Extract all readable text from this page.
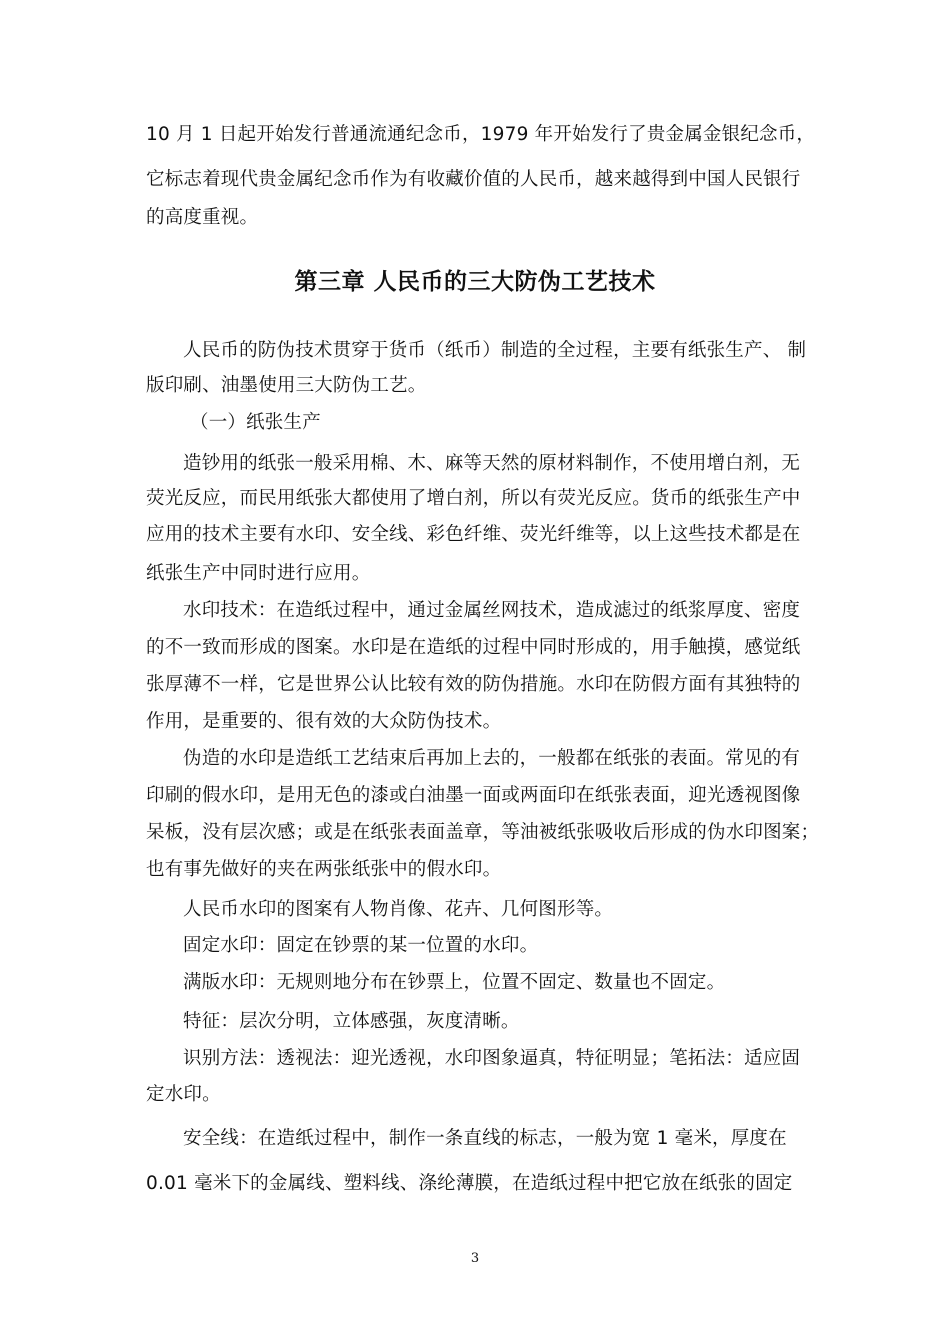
10 月 1 日起开始发行普通流通纪念币，1979 年开始发行了贵金属金银纪念币，
它标志着现代贵金属纪念币作为有收藏价值的人民币，越来越得到中国人民银行
的高度重视。
第三章 人民币的三大防伪工艺技术
人民币的防伪技术贯穿于货币（纸币）制造的全过程，主要有纸张生产、 制
版印刷、油墨使用三大防伪工艺。
（一）纸张生产
造钞用的纸张一般采用棉、木、麻等天然的原材料制作，不使用增白剂，无
荧光反应，而民用纸张大都使用了增白剂，所以有荧光反应。货币的纸张生产中
应用的技术主要有水印、安全线、彩色纤维、荧光纤维等，以上这些技术都是在
纸张生产中同时进行应用。
水印技术：在造纸过程中，通过金属丝网技术，造成滤过的纸浆厚度、密度
的不一致而形成的图案。水印是在造纸的过程中同时形成的，用手触摸，感觉纸
张厚薄不一样，它是世界公认比较有效的防伪措施。水印在防假方面有其独特的
作用，是重要的、很有效的大众防伪技术。
伪造的水印是造纸工艺结束后再加上去的，一般都在纸张的表面。常见的有
印刷的假水印，是用无色的漆或白油墨一面或两面印在纸张表面，迎光透视图像
呆板，没有层次感；或是在纸张表面盖章，等油被纸张吸收后形成的伪水印图案；
也有事先做好的夹在两张纸张中的假水印。
人民币水印的图案有人物肖像、花卉、几何图形等。
固定水印：固定在钞票的某一位置的水印。
满版水印：无规则地分布在钞票上，位置不固定、数量也不固定。
特征：层次分明，立体感强，灰度清晰。
识别方法：透视法：迎光透视，水印图象逼真，特征明显；笔拓法：适应固
定水印。
安全线：在造纸过程中，制作一条直线的标志，一般为宽 1 毫米，厚度在
0.01 毫米下的金属线、塑料线、涤纶薄膜，在造纸过程中把它放在纸张的固定
3
